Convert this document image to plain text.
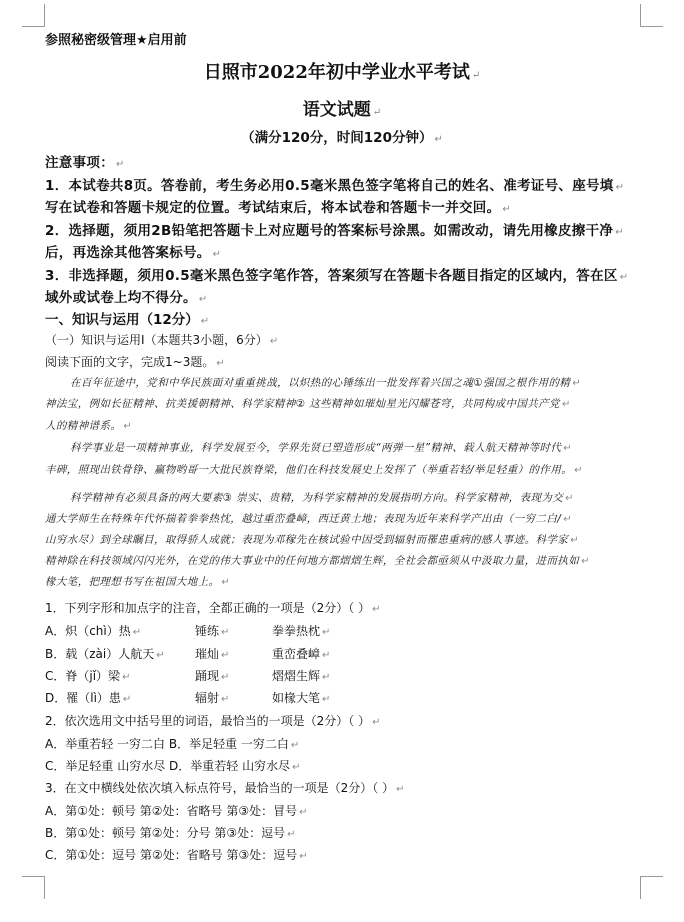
参照秘密级管理★启用前
日照市2022年初中学业水平考试 ↵
语文试题 ↵
（满分120分，时间120分钟） ↵
注意事项： ↵
1．本试卷共8页。答卷前，考生务必用0.5毫米黑色签字笔将自己的姓名、准考证号、座号填 ↵
写在试卷和答题卡规定的位置。考试结束后，将本试卷和答题卡一并交回。 ↵
2．选择题，须用2B铅笔把答题卡上对应题号的答案标号涂黑。如需改动，请先用橡皮擦干净 ↵
后，再选涂其他答案标号。 ↵
3．非选择题，须用0.5毫米黑色签字笔作答，答案须写在答题卡各题目指定的区域内，答在区 ↵
域外或试卷上均不得分。 ↵
一、知识与运用（12分） ↵
（一）知识与运用Ⅰ（本题共3小题，6分） ↵
阅读下面的文字，完成1~3题。 ↵
在百年征途中，党和中华民族面对重重挑战，以炽热的心锤练出一批发挥着兴国之魂①强国之根作用的精 ↵
神法宝，例如长征精神、抗美援朝精神、科学家精神② 这些精神如璀灿星光闪耀苍穹，共同构成中国共产党 ↵
人的精神谱系。 ↵
科学事业是一项精神事业，科学发展至今，学界先贤已塑造形成“两弹一星”精神、载人航天精神等时代 ↵
丰碑，照现出铁骨铮、赢物哟哥一大批民族脊梁，他们在科技发展史上发挥了（举重若轻/举足轻重）的作用。 ↵
科学精神有必须具备的两大要素③ 崇实、贵精，为科学家精神的发展指明方向。科学家精神，表现为交 ↵
通大学师生在特殊年代怀揣着拳拳热忱，越过重峦叠嶂，西迁黄土地；表现为近年来科学产出由（一穷二白/ ↵
山穷水尽）到全球瞩目，取得骄人成就；表现为邓稼先在核试验中因受到辐射而罹患重病的感人事迹。科学家 ↵
精神除在科技领域闪闪光外，在党的伟大事业中的任何地方都熠熠生辉，全社会都亟须从中汲取力量，进而执如 ↵
椽大笔，把理想书写在祖国大地上。 ↵
1．下列字形和加点字的注音，全都正确的一项是（2分）（ ） ↵
A．炽（chì）热 ↵	锤练 ↵	拳拳热枕 ↵
B．载（zài）人航天 ↵	璀灿 ↵	重峦叠嶂 ↵
C．脊（jǐ）梁 ↵	踊现 ↵	熠熠生辉 ↵
D．罹（lì）患 ↵	辐射 ↵	如椽大笔 ↵
2．依次选用文中括号里的词语，最恰当的一项是（2分）（ ） ↵
A．举重若轻 一穷二白 B．举足轻重 一穷二白 ↵
C．举足轻重 山穷水尽 D．举重若轻 山穷水尽 ↵
3．在文中横线处依次填入标点符号，最恰当的一项是（2分）（ ） ↵
A．第①处：顿号 第②处：省略号 第③处：冒号 ↵
B．第①处：顿号 第②处：分号 第③处：逗号 ↵
C．第①处：逗号 第②处：省略号 第③处：逗号 ↵
